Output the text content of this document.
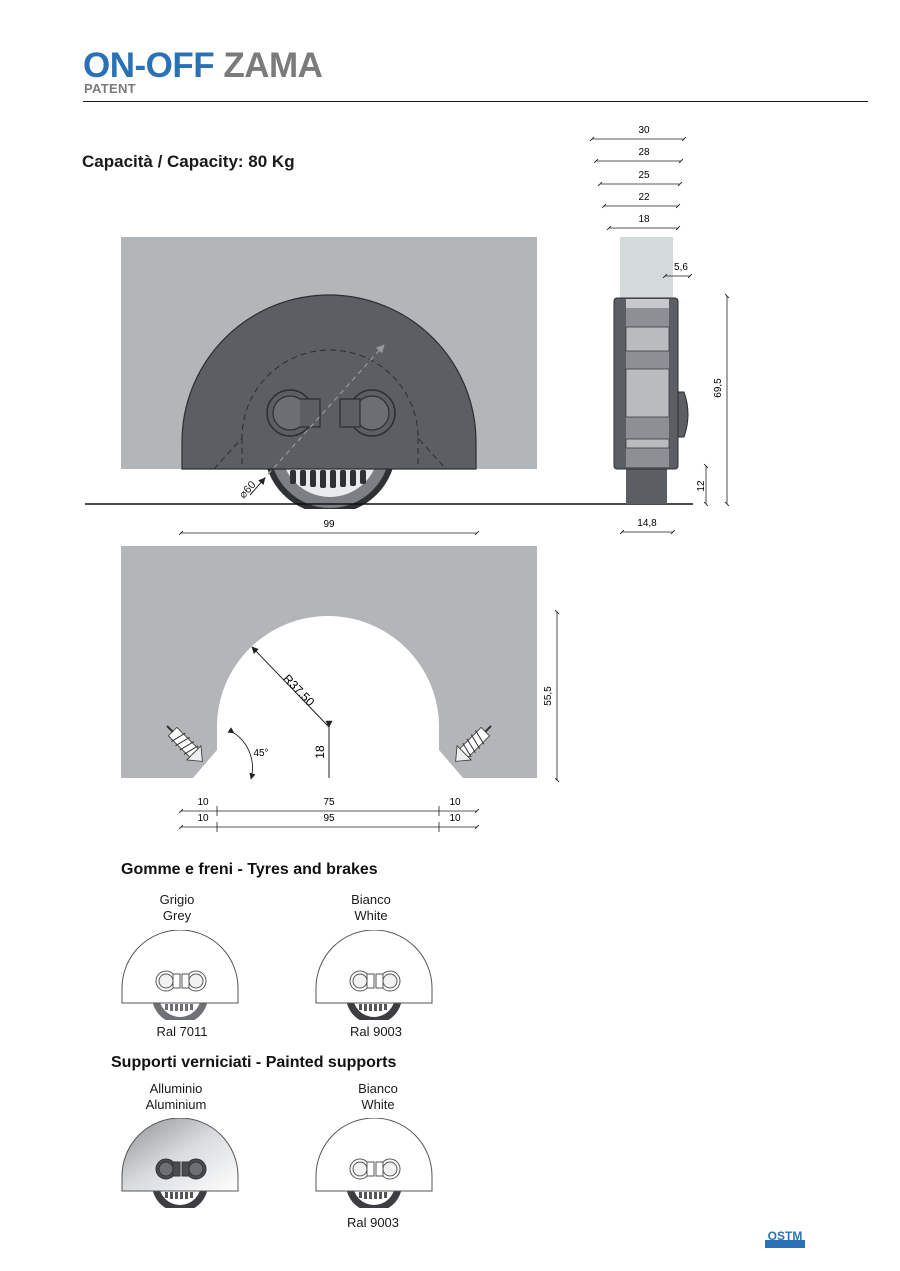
ON-OFF ZAMA
PATENT
Capacità / Capacity: 80 Kg
⌀60
99
30
28
25
22
18
5,6
69,5
12
14,8
R37.50
18
45°
55,5
10	75	10
10	95	10
Gomme e freni - Tyres and brakes
Grigio
Grey
Bianco
White
Ral 7011	Ral 9003
Supporti verniciati - Painted supports
Alluminio
Aluminium
Bianco
White
Ral 9003
OSTM
